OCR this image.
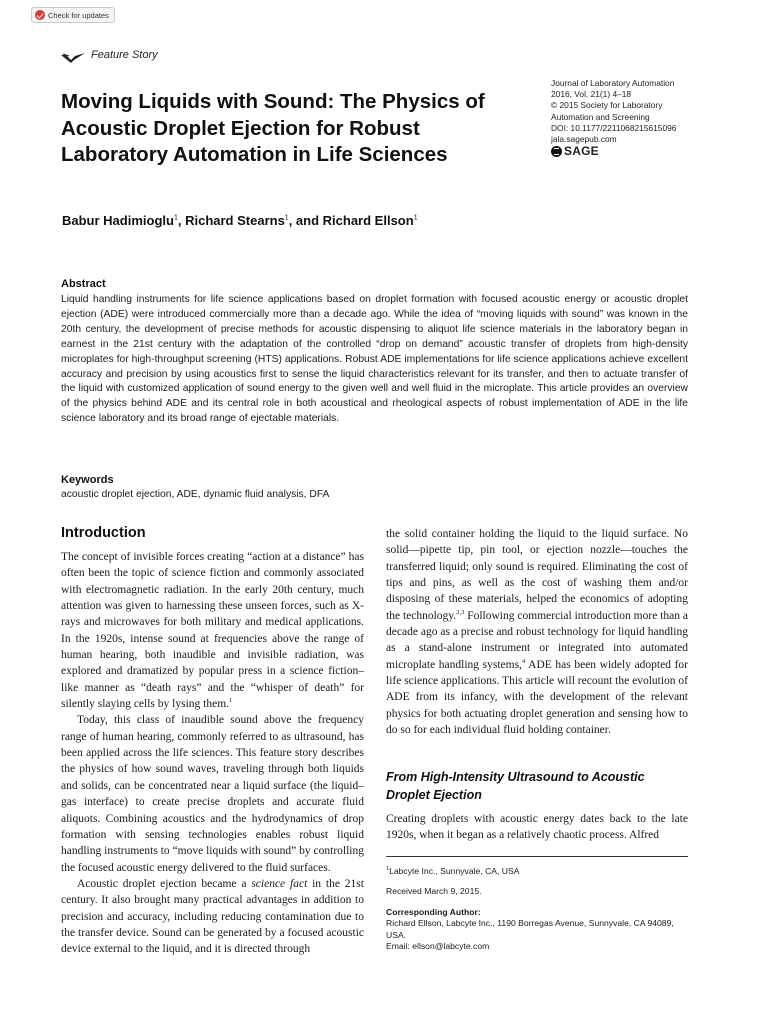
Check for updates
Feature Story
Moving Liquids with Sound: The Physics of Acoustic Droplet Ejection for Robust Laboratory Automation in Life Sciences
Journal of Laboratory Automation
2016, Vol. 21(1) 4–18
© 2015 Society for Laboratory
Automation and Screening
DOI: 10.1177/2211068215615096
jala.sagepub.com
SAGE
Babur Hadimioglu$^1$, Richard Stearns$^1$, and Richard Ellson$^1$
Abstract

Liquid handling instruments for life science applications based on droplet formation with focused acoustic energy or acoustic droplet ejection (ADE) were introduced commercially more than a decade ago. While the idea of “moving liquids with sound” was known in the 20th century, the development of precise methods for acoustic dispensing to aliquot life science materials in the laboratory began in earnest in the 21st century with the adaptation of the controlled “drop on demand” acoustic transfer of droplets from high-density microplates for high-throughput screening (HTS) applications. Robust ADE implementations for life science applications achieve excellent accuracy and precision by using acoustics first to sense the liquid characteristics relevant for its transfer, and then to actuate transfer of the liquid with customized application of sound energy to the given well and well fluid in the microplate. This article provides an overview of the physics behind ADE and its central role in both acoustical and rheological aspects of robust implementation of ADE in the life science laboratory and its broad range of ejectable materials.

Keywords
acoustic droplet ejection, ADE, dynamic fluid analysis, DFA
Introduction

The concept of invisible forces creating “action at a distance” has often been the topic of science fiction and commonly associated with electromagnetic radiation. In the early 20th century, much attention was given to harnessing these unseen forces, such as X-rays and microwaves for both military and medical applications. In the 1920s, intense sound at frequencies above the range of human hearing, both inaudible and invisible radiation, was explored and dramatized by popular press in a science fiction–like manner as “death rays” and the “whisper of death” for silently slaying cells by lysing them.$^1$

Today, this class of inaudible sound above the frequency range of human hearing, commonly referred to as ultrasound, has been applied across the life sciences. This feature story describes the physics of how sound waves, traveling through both liquids and solids, can be concentrated near a liquid surface (the liquid–gas interface) to create precise droplets and accurate fluid aliquots. Combining acoustics and the hydrodynamics of drop formation with sensing technologies enables robust liquid handling instruments to “move liquids with sound” by controlling the focused acoustic energy delivered to the fluid surfaces.

Acoustic droplet ejection became a science fact in the 21st century. It also brought many practical advantages in addition to precision and accuracy, including reducing contamination due to the transfer device. Sound can be generated by a focused acoustic device external to the liquid, and it is directed through

the solid container holding the liquid to the liquid surface. No solid—pipette tip, pin tool, or ejection nozzle—touches the transferred liquid; only sound is required. Eliminating the cost of tips and pins, as well as the cost of washing them and/or disposing of these materials, helped the economics of adopting the technology.$^{2,3}$ Following commercial introduction more than a decade ago as a precise and robust technology for liquid handling as a stand-alone instrument or integrated into automated microplate handling systems,$^4$ ADE has been widely adopted for life science applications. This article will recount the evolution of ADE from its infancy, with the development of the relevant physics for both actuating droplet generation and sensing how to do so for each individual fluid holding container.

From High-Intensity Ultrasound to Acoustic Droplet Ejection

Creating droplets with acoustic energy dates back to the late 1920s, when it began as a relatively chaotic process. Alfred

$^1$Labcyte Inc., Sunnyvale, CA, USA
Received March 9, 2015.
Corresponding Author:
Richard Ellson, Labcyte Inc., 1190 Borregas Avenue, Sunnyvale, CA 94089, USA.
Email: ellson@labcyte.com
